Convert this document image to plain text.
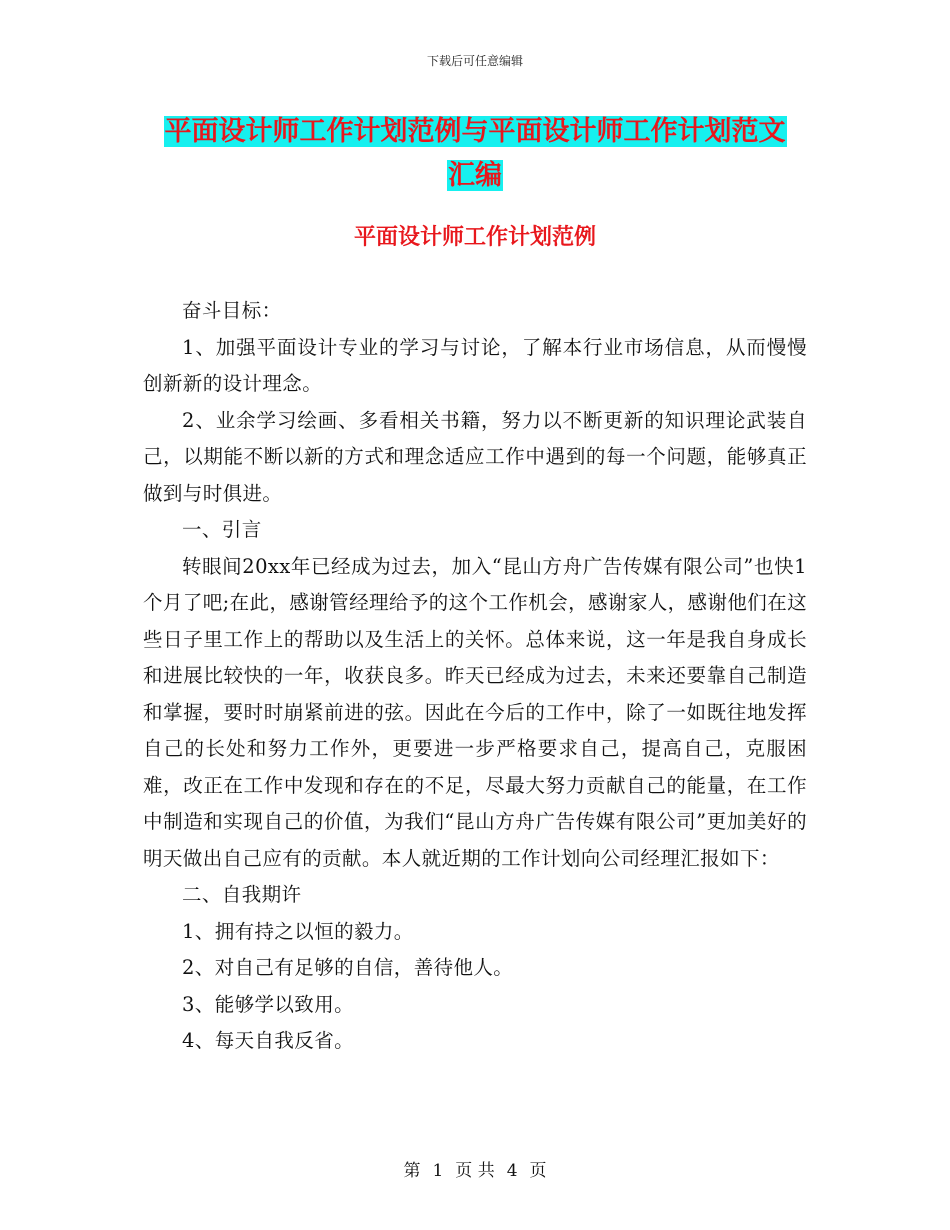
下载后可任意编辑
平面设计师工作计划范例与平面设计师工作计划范文
汇编
平面设计师工作计划范例

奋斗目标：

1、加强平面设计专业的学习与讨论，了解本行业市场信息，从而慢慢创新新的设计理念。

2、业余学习绘画、多看相关书籍，努力以不断更新的知识理论武装自己，以期能不断以新的方式和理念适应工作中遇到的每一个问题，能够真正做到与时俱进。

一、引言

转眼间20xx年已经成为过去，加入“昆山方舟广告传媒有限公司”也快1个月了吧;在此，感谢管经理给予的这个工作机会，感谢家人，感谢他们在这些日子里工作上的帮助以及生活上的关怀。总体来说，这一年是我自身成长和进展比较快的一年，收获良多。昨天已经成为过去，未来还要靠自己制造和掌握，要时时崩紧前进的弦。因此在今后的工作中，除了一如既往地发挥自己的长处和努力工作外，更要进一步严格要求自己，提高自己，克服困难，改正在工作中发现和存在的不足，尽最大努力贡献自己的能量，在工作中制造和实现自己的价值，为我们“昆山方舟广告传媒有限公司”更加美好的明天做出自己应有的贡献。本人就近期的工作计划向公司经理汇报如下：

二、自我期许

1、拥有持之以恒的毅力。

2、对自己有足够的自信，善待他人。

3、能够学以致用。

4、每天自我反省。

第 1 页 共 4 页
